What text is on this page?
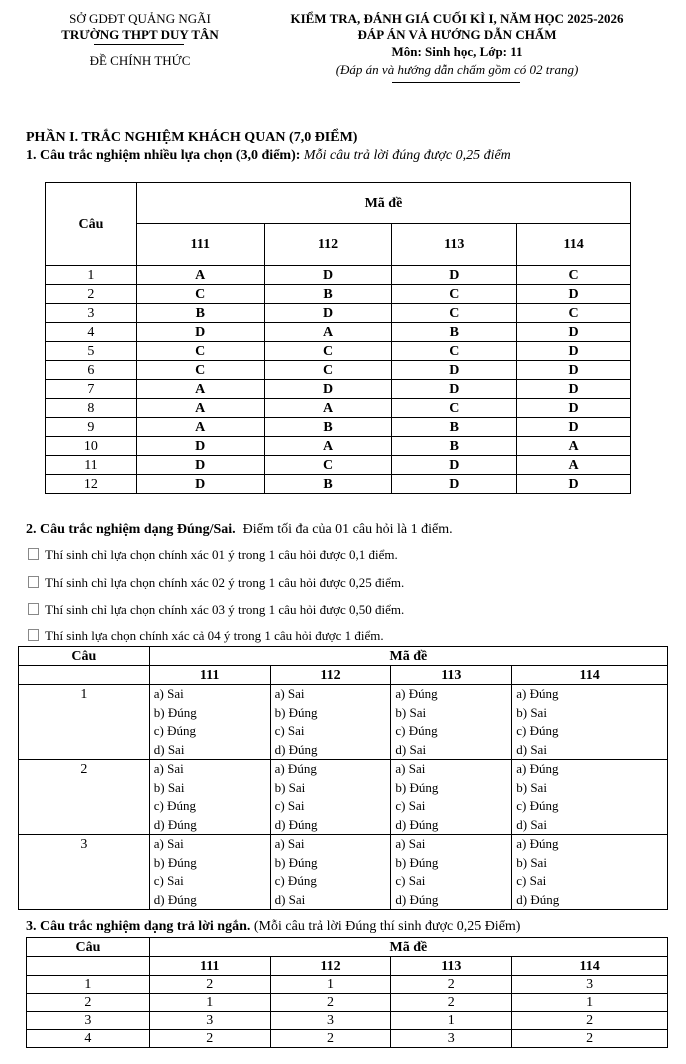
SỞ GDĐT QUẢNG NGÃI
TRƯỜNG THPT DUY TÂN
ĐỀ CHÍNH THỨC
KIỂM TRA, ĐÁNH GIÁ CUỐI KÌ I, NĂM HỌC 2025-2026
ĐÁP ÁN VÀ HƯỚNG DẪN CHẤM
Môn: Sinh học, Lớp: 11
(Đáp án và hướng dẫn chấm gồm có 02 trang)
PHẦN I. TRẮC NGHIỆM KHÁCH QUAN (7,0 ĐIỂM)
1. Câu trắc nghiệm nhiều lựa chọn (3,0 điểm): Mỗi câu trả lời đúng được 0,25 điểm
Câu	Mã đề			
	111	112	113	114
1	A	D	D	C
2	C	B	C	D
3	B	D	C	C
4	D	A	B	D
5	C	C	C	D
6	C	C	D	D
7	A	D	D	D
8	A	A	C	D
9	A	B	B	D
10	D	A	B	A
11	D	C	D	A
12	D	B	D	D
2. Câu trắc nghiệm dạng Đúng/Sai. Điểm tối đa của 01 câu hỏi là 1 điểm.
Thí sinh chỉ lựa chọn chính xác 01 ý trong 1 câu hỏi được 0,1 điểm.
Thí sinh chỉ lựa chọn chính xác 02 ý trong 1 câu hỏi được 0,25 điểm.
Thí sinh chỉ lựa chọn chính xác 03 ý trong 1 câu hỏi được 0,50 điểm.
Thí sinh lựa chọn chính xác cả 04 ý trong 1 câu hỏi được 1 điểm.
Câu	Mã đề			
	111	112	113	114
1	a) Sai
b) Đúng
c) Đúng
d) Sai	a) Sai
b) Đúng
c) Sai
d) Đúng	a) Đúng
b) Sai
c) Đúng
d) Sai	a) Đúng
b) Sai
c) Đúng
d) Sai

2	a) Sai
b) Sai
c) Đúng
d) Đúng	a) Đúng
b) Sai
c) Sai
d) Đúng	a) Sai
b) Đúng
c) Sai
d) Đúng	a) Đúng
b) Sai
c) Đúng
d) Sai

3	a) Sai
b) Đúng
c) Sai
d) Đúng	a) Sai
b) Đúng
c) Đúng
d) Sai	a) Sai
b) Đúng
c) Sai
d) Đúng	a) Đúng
b) Sai
c) Sai
d) Đúng
3. Câu trắc nghiệm dạng trả lời ngắn. (Mỗi câu trả lời Đúng thí sinh được 0,25 Điểm)
Câu	Mã đề			
	111	112	113	114
1	2	1	2	3
2	1	2	2	1
3	3	3	1	2
4	2	2	3	2
